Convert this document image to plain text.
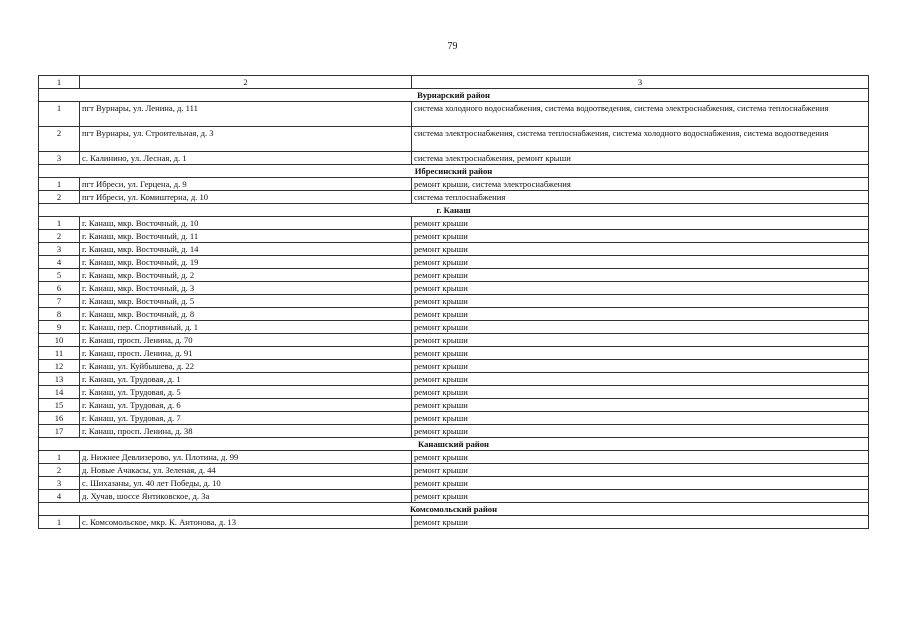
79
1	2	3
Вурнарский район		
1	пгт Вурнары, ул. Ленина, д. 111	система холодного водоснабжения, система водоотведения, система электроснабжения, система теплоснабжения
2	пгт Вурнары, ул. Строительная, д. 3	система электроснабжения, система теплоснабжения, система холодного водоснабжения, система водоотведения
3	с. Калинино, ул. Лесная, д. 1	система электроснабжения, ремонт крыши
Ибресинский район		
1	пгт Ибреси, ул. Герцена, д. 9	ремонт крыши, система электроснабжения
2	пгт Ибреси, ул. Комиштерна, д. 10	система теплоснабжения
г. Канаш		
1	г. Канаш, мкр. Восточный, д. 10	ремонт крыши
2	г. Канаш, мкр. Восточный, д. 11	ремонт крыши
3	г. Канаш, мкр. Восточный, д. 14	ремонт крыши
4	г. Канаш, мкр. Восточный, д. 19	ремонт крыши
5	г. Канаш, мкр. Восточный, д. 2	ремонт крыши
6	г. Канаш, мкр. Восточный, д. 3	ремонт крыши
7	г. Канаш, мкр. Восточный, д. 5	ремонт крыши
8	г. Канаш, мкр. Восточный, д. 8	ремонт крыши
9	г. Канаш, пер. Спортивный, д. 1	ремонт крыши
10	г. Канаш, просп. Ленина, д. 70	ремонт крыши
11	г. Канаш, просп. Ленина, д. 91	ремонт крыши
12	г. Канаш, ул. Куйбышева, д. 22	ремонт крыши
13	г. Канаш, ул. Трудовая, д. 1	ремонт крыши
14	г. Канаш, ул. Трудовая, д. 5	ремонт крыши
15	г. Канаш, ул. Трудовая, д. 6	ремонт крыши
16	г. Канаш, ул. Трудовая, д. 7	ремонт крыши
17	г. Канаш, просп. Ленина, д. 38	ремонт крыши
Канашский район		
1	д. Нижнее Девлизерово, ул. Плотина, д. 99	ремонт крыши
2	д. Новые Ачакасы, ул. Зеленая, д. 44	ремонт крыши
3	с. Шихазаны, ул. 40 лет Победы, д. 10	ремонт крыши
4	д. Хучав, шоссе Янтиковское, д. 3а	ремонт крыши
Комсомольский район		
1	с. Комсомольское, мкр. К. Антонова, д. 13	ремонт крыши
